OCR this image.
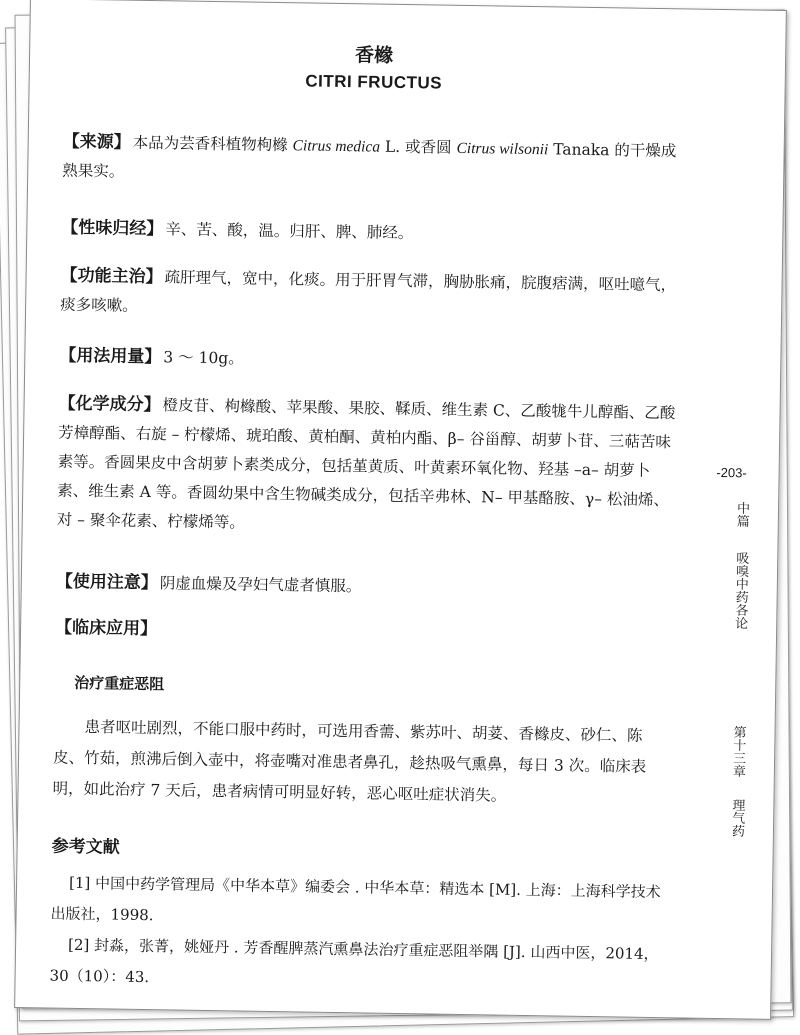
香橼
CITRI FRUCTUS
【来源】 本品为芸香科植物枸橼 Citrus medica L. 或香圆 Citrus wilsonii Tanaka 的干燥成熟果实。
【性味归经】 辛、苦、酸，温。归肝、脾、肺经。
【功能主治】 疏肝理气，宽中，化痰。用于肝胃气滞，胸胁胀痛，脘腹痞满，呕吐噫气，痰多咳嗽。
【用法用量】 3 ～ 10g。
【化学成分】 橙皮苷、枸橼酸、苹果酸、果胶、鞣质、维生素 C、乙酸牻牛儿醇酯、乙酸芳樟醇酯、右旋 – 柠檬烯、琥珀酸、黄柏酮、黄柏内酯、β– 谷甾醇、胡萝卜苷、三萜苦味素等。香圆果皮中含胡萝卜素类成分，包括堇黄质、叶黄素环氧化物、羟基 –a– 胡萝卜素、维生素 A 等。香圆幼果中含生物碱类成分，包括辛弗林、N– 甲基酪胺、γ– 松油烯、对 – 聚伞花素、柠檬烯等。
【使用注意】 阴虚血燥及孕妇气虚者慎服。
【临床应用】
治疗重症恶阻
患者呕吐剧烈，不能口服中药时，可选用香薷、紫苏叶、胡荽、香橼皮、砂仁、陈皮、竹茹，煎沸后倒入壶中，将壶嘴对准患者鼻孔，趁热吸气熏鼻，每日 3 次。临床表明，如此治疗 7 天后，患者病情可明显好转，恶心呕吐症状消失。
参考文献
[1] 中国中药学管理局《中华本草》编委会 . 中华本草：精选本 [M]. 上海：上海科学技术出版社，1998.
[2] 封淼，张菁，姚娅丹 . 芳香醒脾蒸汽熏鼻法治疗重症恶阻举隅 [J]. 山西中医，2014，30（10）：43.
-203-
中篇
吸嗅中药各论
第十三章
理气药
